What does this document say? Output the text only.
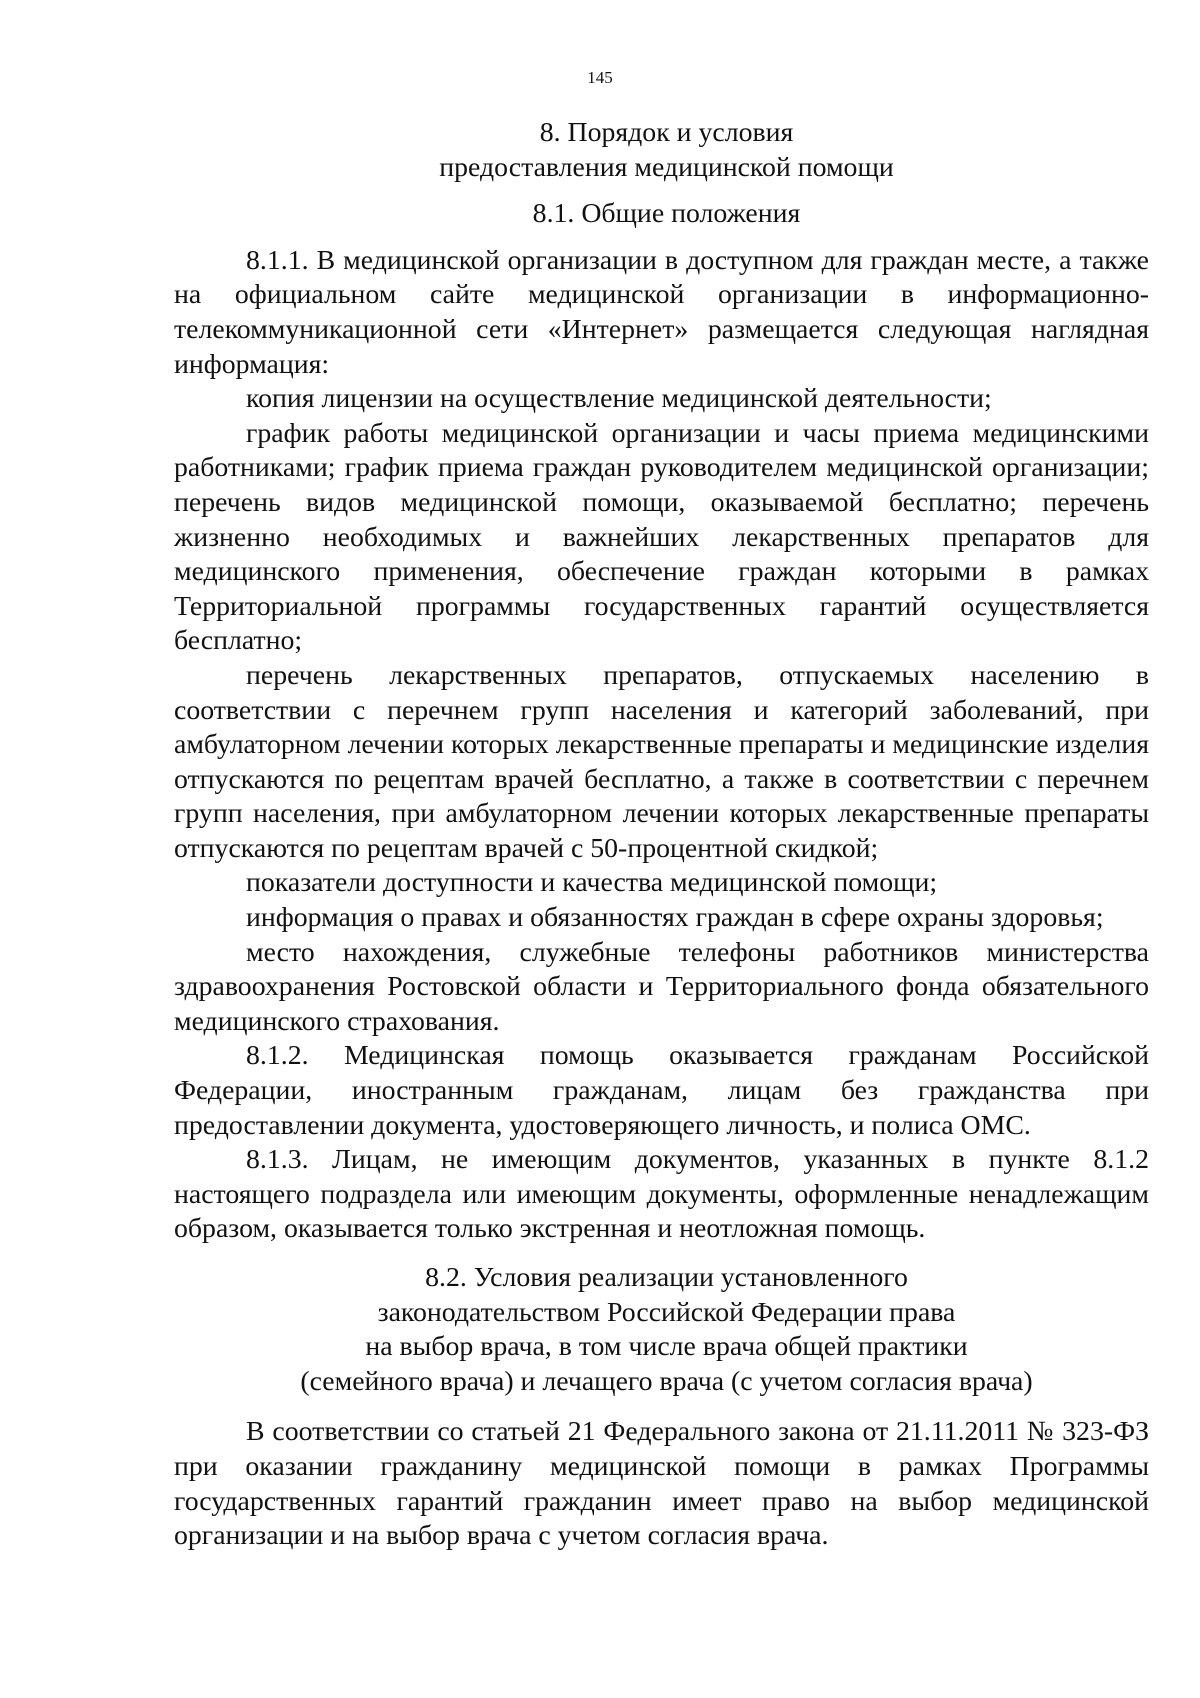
145
8. Порядок и условия
предоставления медицинской помощи
8.1. Общие положения

8.1.1. В медицинской организации в доступном для граждан месте, а также на официальном сайте медицинской организации в информационно-телекоммуникационной сети «Интернет» размещается следующая наглядная информация:

копия лицензии на осуществление медицинской деятельности;

график работы медицинской организации и часы приема медицинскими работниками; график приема граждан руководителем медицинской организации; перечень видов медицинской помощи, оказываемой бесплатно; перечень жизненно необходимых и важнейших лекарственных препаратов для медицинского применения, обеспечение граждан которыми в рамках Территориальной программы государственных гарантий осуществляется бесплатно;

перечень лекарственных препаратов, отпускаемых населению в соответствии с перечнем групп населения и категорий заболеваний, при амбулаторном лечении которых лекарственные препараты и медицинские изделия отпускаются по рецептам врачей бесплатно, а также в соответствии с перечнем групп населения, при амбулаторном лечении которых лекарственные препараты отпускаются по рецептам врачей с 50-процентной скидкой;

показатели доступности и качества медицинской помощи;

информация о правах и обязанностях граждан в сфере охраны здоровья;

место нахождения, служебные телефоны работников министерства здравоохранения Ростовской области и Территориального фонда обязательного медицинского страхования.

8.1.2. Медицинская помощь оказывается гражданам Российской Федерации, иностранным гражданам, лицам без гражданства при предоставлении документа, удостоверяющего личность, и полиса ОМС.

8.1.3. Лицам, не имеющим документов, указанных в пункте 8.1.2 настоящего подраздела или имеющим документы, оформленные ненадлежащим образом, оказывается только экстренная и неотложная помощь.

8.2. Условия реализации установленного
законодательством Российской Федерации права
на выбор врача, в том числе врача общей практики
(семейного врача) и лечащего врача (с учетом согласия врача)

В соответствии со статьей 21 Федерального закона от 21.11.2011 № 323-ФЗ при оказании гражданину медицинской помощи в рамках Программы государственных гарантий гражданин имеет право на выбор медицинской организации и на выбор врача с учетом согласия врача.
